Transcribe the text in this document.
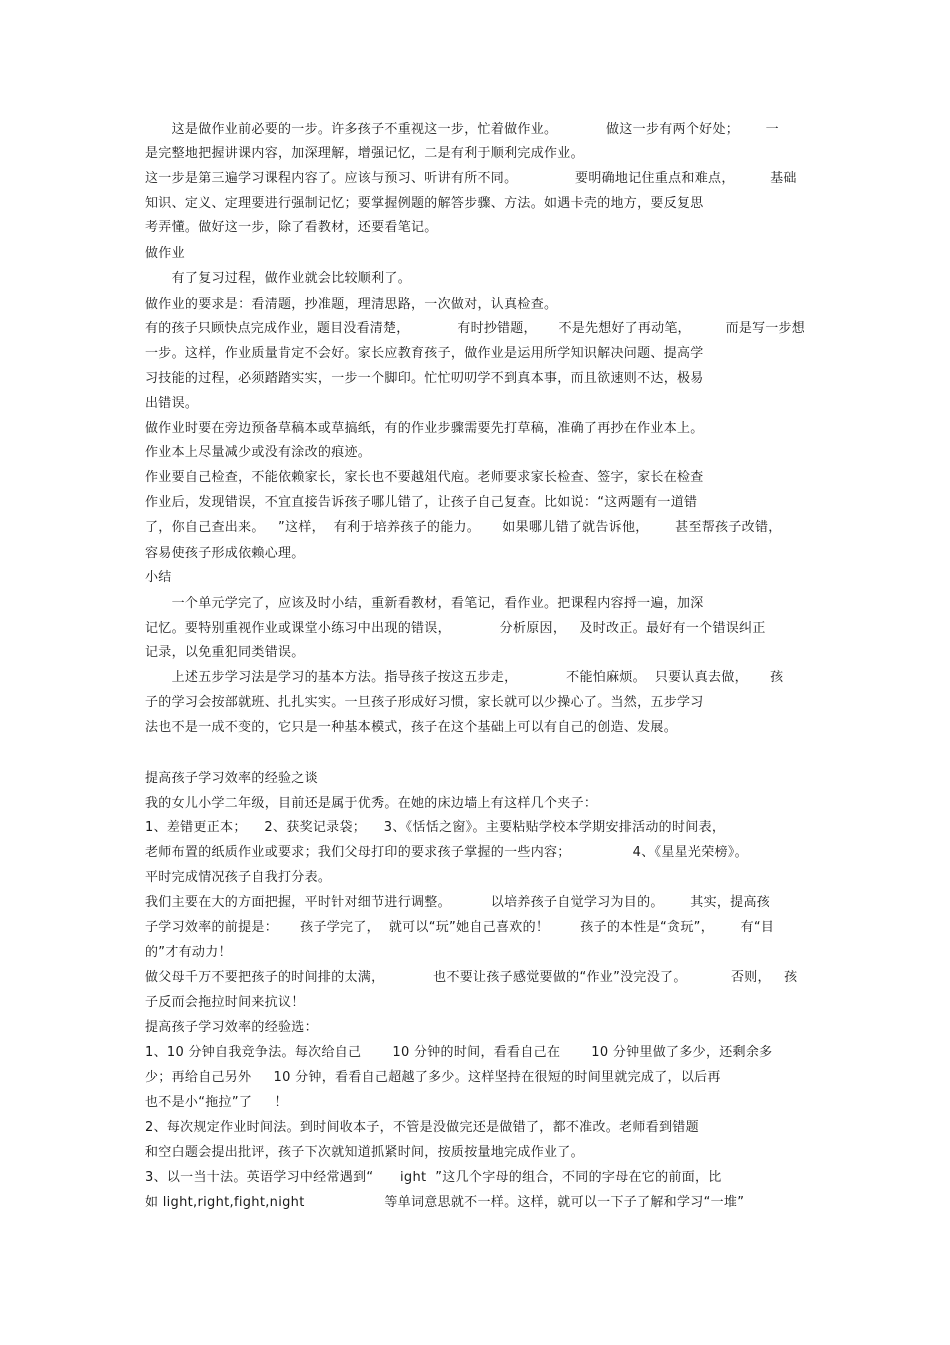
这是做作业前必要的一步。许多孩子不重视这一步，忙着做作业。           做这一步有两个好处；      一
是完整地把握讲课内容，加深理解，增强记忆，二是有利于顺利完成作业。
这一步是第三遍学习课程内容了。应该与预习、听讲有所不同。             要明确地记住重点和难点，        基础
知识、定义、定理要进行强制记忆；要掌握例题的解答步骤、方法。如遇卡壳的地方，要反复思
考弄懂。做好这一步，除了看教材，还要看笔记。
做作业
有了复习过程，做作业就会比较顺利了。
做作业的要求是：看清题，抄准题，理清思路，一次做对，认真检查。
有的孩子只顾快点完成作业，题目没看清楚，           有时抄错题，     不是先想好了再动笔，        而是写一步想
一步。这样，作业质量肯定不会好。家长应教育孩子，做作业是运用所学知识解决问题、提高学
习技能的过程，必须踏踏实实，一步一个脚印。忙忙叨叨学不到真本事，而且欲速则不达，极易
出错误。
做作业时要在旁边预备草稿本或草搞纸，有的作业步骤需要先打草稿，准确了再抄在作业本上。
作业本上尽量减少或没有涂改的痕迹。
作业要自己检查，不能依赖家长，家长也不要越俎代庖。老师要求家长检查、签字，家长在检查
作业后，发现错误，不宜直接告诉孩子哪儿错了，让孩子自己复查。比如说：“这两题有一道错
了，你自己查出来。   ”这样，  有利于培养孩子的能力。     如果哪儿错了就告诉他，      甚至帮孩子改错，
容易使孩子形成依赖心理。
小结
一个单元学完了，应该及时小结，重新看教材，看笔记，看作业。把课程内容捋一遍，加深
记忆。要特别重视作业或课堂小练习中出现的错误，           分析原因，   及时改正。最好有一个错误纠正
记录，以免重犯同类错误。
上述五步学习法是学习的基本方法。指导孩子按这五步走，           不能怕麻烦。  只要认真去做，     孩
子的学习会按部就班、扎扎实实。一旦孩子形成好习惯，家长就可以少操心了。当然，五步学习
法也不是一成不变的，它只是一种基本模式，孩子在这个基础上可以有自己的创造、发展。
提高孩子学习效率的经验之谈
我的女儿小学二年级，目前还是属于优秀。在她的床边墙上有这样几个夹子：
1、差错更正本；    2、获奖记录袋；    3、《恬恬之窗》。主要粘贴学校本学期安排活动的时间表，
老师布置的纸质作业或要求；我们父母打印的要求孩子掌握的一些内容；              4、《星星光荣榜》。
平时完成情况孩子自我打分表。
我们主要在大的方面把握，平时针对细节进行调整。         以培养孩子自觉学习为目的。      其实，提高孩
子学习效率的前提是：     孩子学完了，  就可以“玩”她自己喜欢的！       孩子的本性是“贪玩”，      有“目
的”才有动力！
做父母千万不要把孩子的时间排的太满，           也不要让孩子感觉要做的“作业”没完没了。          否则，   孩
子反而会拖拉时间来抗议！
提高孩子学习效率的经验选：
1、10 分钟自我竞争法。每次给自己       10 分钟的时间，看看自己在       10 分钟里做了多少，还剩余多
少；再给自己另外     10 分钟，看看自己超越了多少。这样坚持在很短的时间里就完成了，以后再
也不是小“拖拉”了     ！
2、每次规定作业时间法。到时间收本子，不管是没做完还是做错了，都不准改。老师看到错题
和空白题会提出批评，孩子下次就知道抓紧时间，按质按量地完成作业了。
3、以一当十法。英语学习中经常遇到“      ight  ”这几个字母的组合，不同的字母在它的前面，比
如 light,right,fight,night                  等单词意思就不一样。这样，就可以一下子了解和学习“一堆”
